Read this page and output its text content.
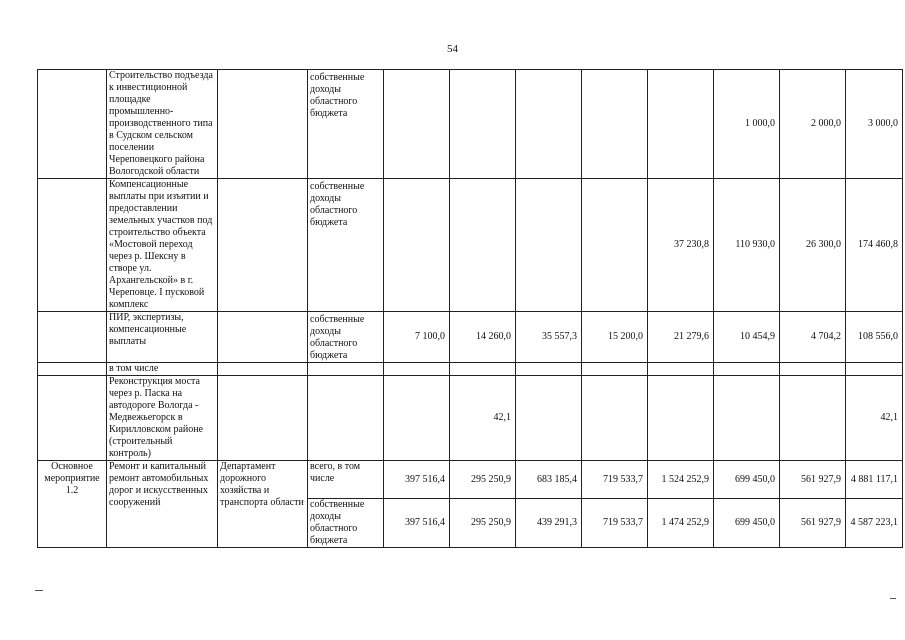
54
	Строительство подъезда к инвестиционной площадке промышленно-производственного типа в Судском сельском поселении Череповецкого района Вологодской области		собственные доходы областного бюджета						1 000,0	2 000,0	3 000,0
	Компенсационные выплаты при изъятии и предоставлении земельных участков под строительство объекта «Мостовой переход через р. Шексну в створе ул. Архангельской» в г. Череповце. I пусковой комплекс		собственные доходы областного бюджета					37 230,8	110 930,0	26 300,0	174 460,8
	ПИР, экспертизы, компенсационные выплаты		собственные доходы областного бюджета	7 100,0	14 260,0	35 557,3	15 200,0	21 279,6	10 454,9	4 704,2	108 556,0
	в том числе										
	Реконструкция моста через р. Паска на автодороге Вологда - Медвежьегорск в Кирилловском районе (строительный контроль)				42,1						42,1
Основное мероприятие 1.2	Ремонт и капитальный ремонт автомобильных дорог и искусственных сооружений	Департамент дорожного хозяйства и транспорта области	всего, в том числе	397 516,4	295 250,9	683 185,4	719 533,7	1 524 252,9	699 450,0	561 927,9	4 881 117,1
			собственные доходы областного бюджета	397 516,4	295 250,9	439 291,3	719 533,7	1 474 252,9	699 450,0	561 927,9	4 587 223,1
